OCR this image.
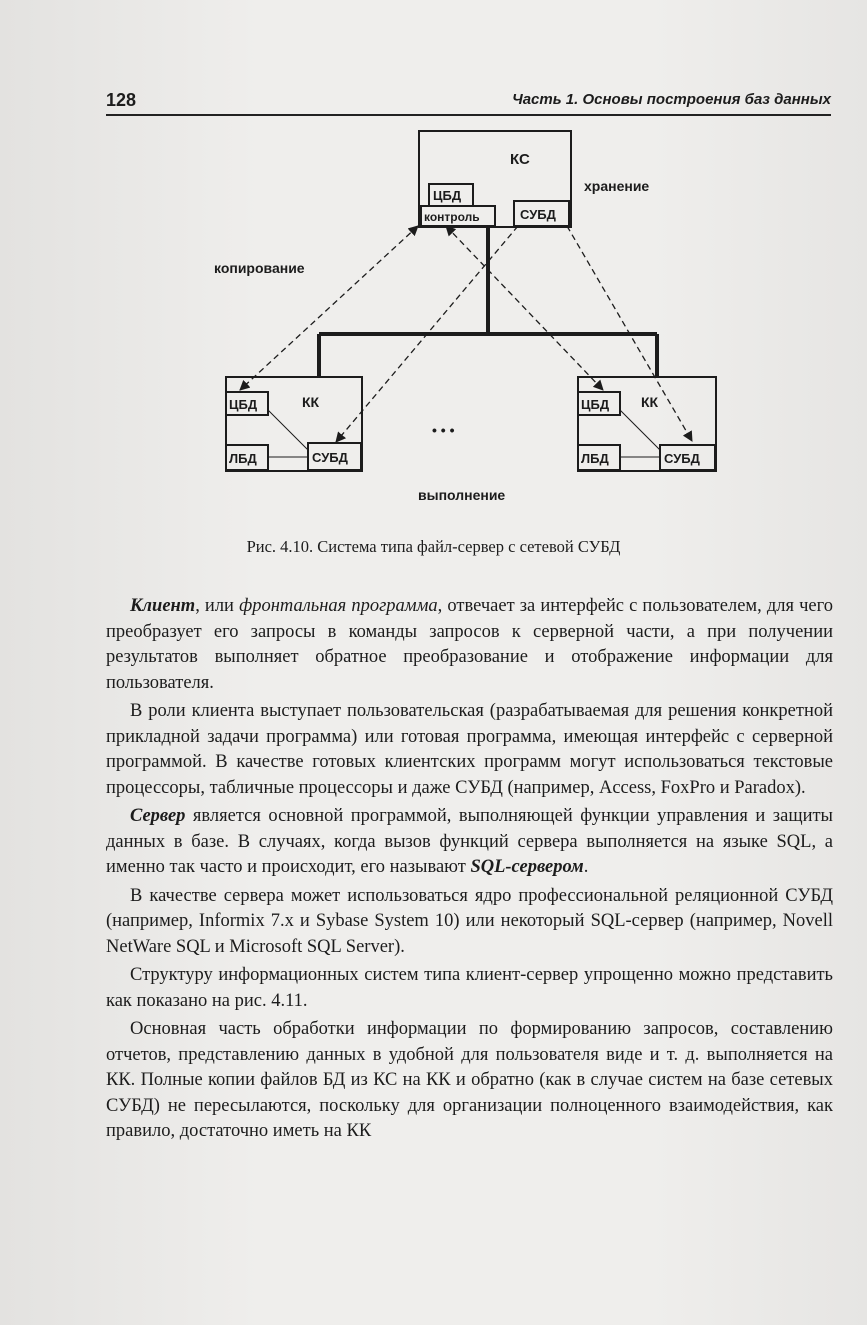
128	Часть 1. Основы построения баз данных
КС
ЦБД
контроль	СУБД
КК
ЦБД
ЛБД	СУБД
КК
ЦБД
ЛБД	СУБД
хранение
копирование
• • •
выполнение
Рис. 4.10. Система типа файл-сервер с сетевой СУБД

Клиент, или фронтальная программа, отвечает за интерфейс с пользователем, для чего преобразует его запросы в команды запросов к серверной части, а при получении результатов выполняет обратное преобразование и отображение информации для пользователя.

В роли клиента выступает пользовательская (разрабатываемая для решения конкретной прикладной задачи программа) или готовая программа, имеющая интерфейс с серверной программой. В качестве готовых клиентских программ могут использоваться текстовые процессоры, табличные процессоры и даже СУБД (например, Access, FoxPro и Paradox).

Сервер является основной программой, выполняющей функции управления и защиты данных в базе. В случаях, когда вызов функций сервера выполняется на языке SQL, а именно так часто и происходит, его называют SQL-сервером.

В качестве сервера может использоваться ядро профессиональной реляционной СУБД (например, Informix 7.x и Sybase System 10) или некоторый SQL-сервер (например, Novell NetWare SQL и Microsoft SQL Server).

Структуру информационных систем типа клиент-сервер упрощенно можно представить как показано на рис. 4.11.

Основная часть обработки информации по формированию запросов, составлению отчетов, представлению данных в удобной для пользователя виде и т. д. выполняется на КК. Полные копии файлов БД из КС на КК и обратно (как в случае систем на базе сетевых СУБД) не пересылаются, поскольку для организации полноценного взаимодействия, как правило, достаточно иметь на КК
